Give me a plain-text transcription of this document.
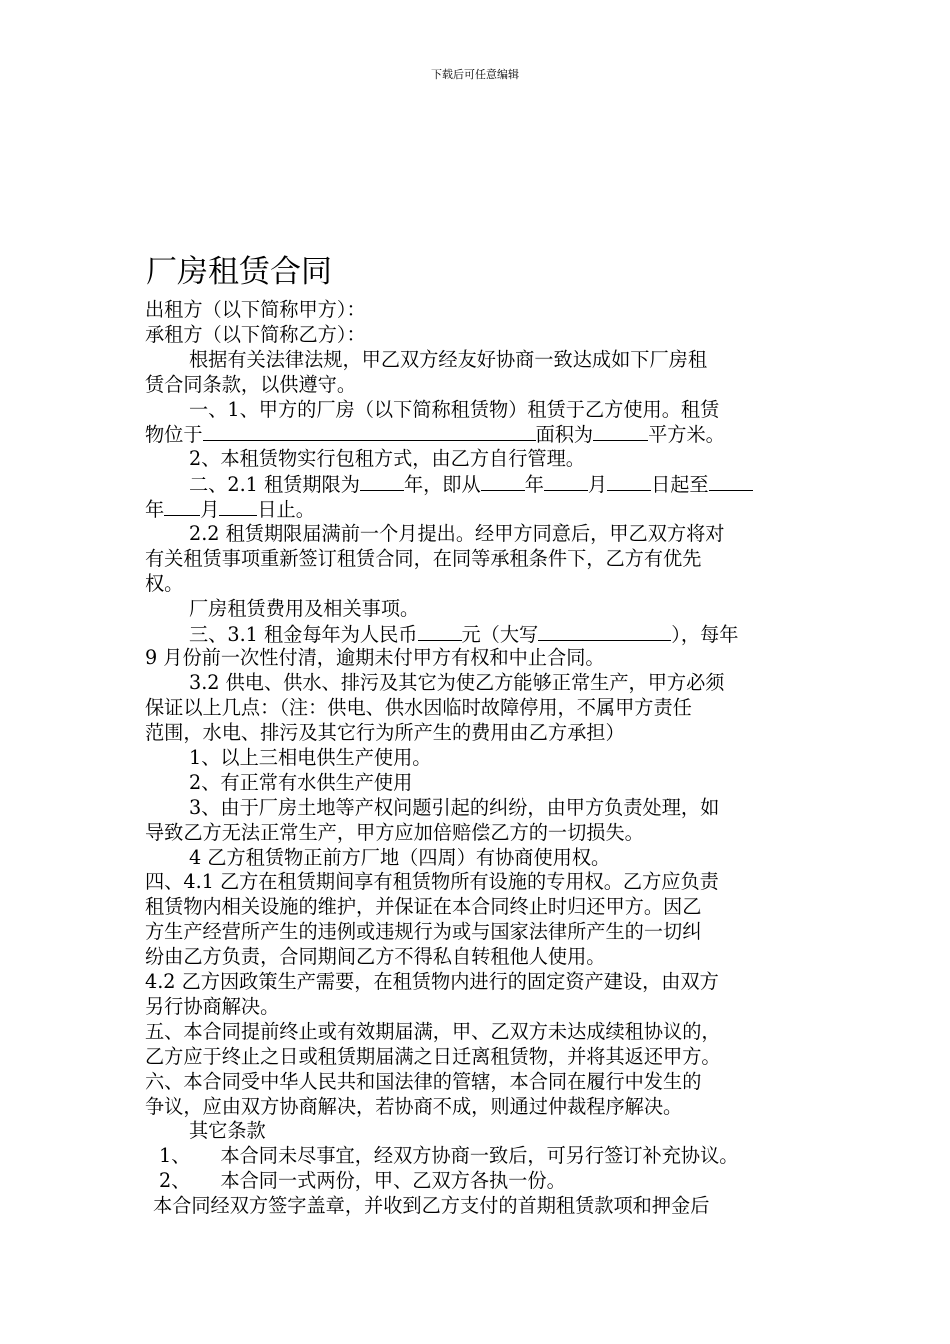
下载后可任意编辑
厂房租赁合同
出租方（以下简称甲方）：
承租方（以下简称乙方）：
根据有关法律法规，甲乙双方经友好协商一致达成如下厂房租
赁合同条款，以供遵守。
一、1、甲方的厂房（以下简称租赁物）租赁于乙方使用。租赁
物位于	面积为	平方米。
2、本租赁物实行包租方式，由乙方自行管理。
二、2.1 租赁期限为 年，即从 年 月 日起至
年 月 日止。
2.2 租赁期限届满前一个月提出。经甲方同意后，甲乙双方将对
有关租赁事项重新签订租赁合同，在同等承租条件下，乙方有优先
权。
厂房租赁费用及相关事项。
三、3.1 租金每年为人民币 元（大写	），每年
9 月份前一次性付清，逾期未付甲方有权和中止合同。
3.2 供电、供水、排污及其它为使乙方能够正常生产，甲方必须
保证以上几点：（注：供电、供水因临时故障停用，不属甲方责任
范围，水电、排污及其它行为所产生的费用由乙方承担）
1、以上三相电供生产使用。
2、有正常有水供生产使用
3、由于厂房土地等产权问题引起的纠纷，由甲方负责处理，如
导致乙方无法正常生产，甲方应加倍赔偿乙方的一切损失。
4 乙方租赁物正前方厂地（四周）有协商使用权。
四、4.1 乙方在租赁期间享有租赁物所有设施的专用权。乙方应负责
租赁物内相关设施的维护，并保证在本合同终止时归还甲方。因乙
方生产经营所产生的违例或违规行为或与国家法律所产生的一切纠
纷由乙方负责，合同期间乙方不得私自转租他人使用。
4.2 乙方因政策生产需要，在租赁物内进行的固定资产建设，由双方
另行协商解决。
五、本合同提前终止或有效期届满，甲、乙双方未达成续租协议的，
乙方应于终止之日或租赁期届满之日迁离租赁物，并将其返还甲方。
六、本合同受中华人民共和国法律的管辖，本合同在履行中发生的
争议，应由双方协商解决，若协商不成，则通过仲裁程序解决。
其它条款
1、 本合同未尽事宜，经双方协商一致后，可另行签订补充协议。
2、 本合同一式两份，甲、乙双方各执一份。
本合同经双方签字盖章，并收到乙方支付的首期租赁款项和押金后
